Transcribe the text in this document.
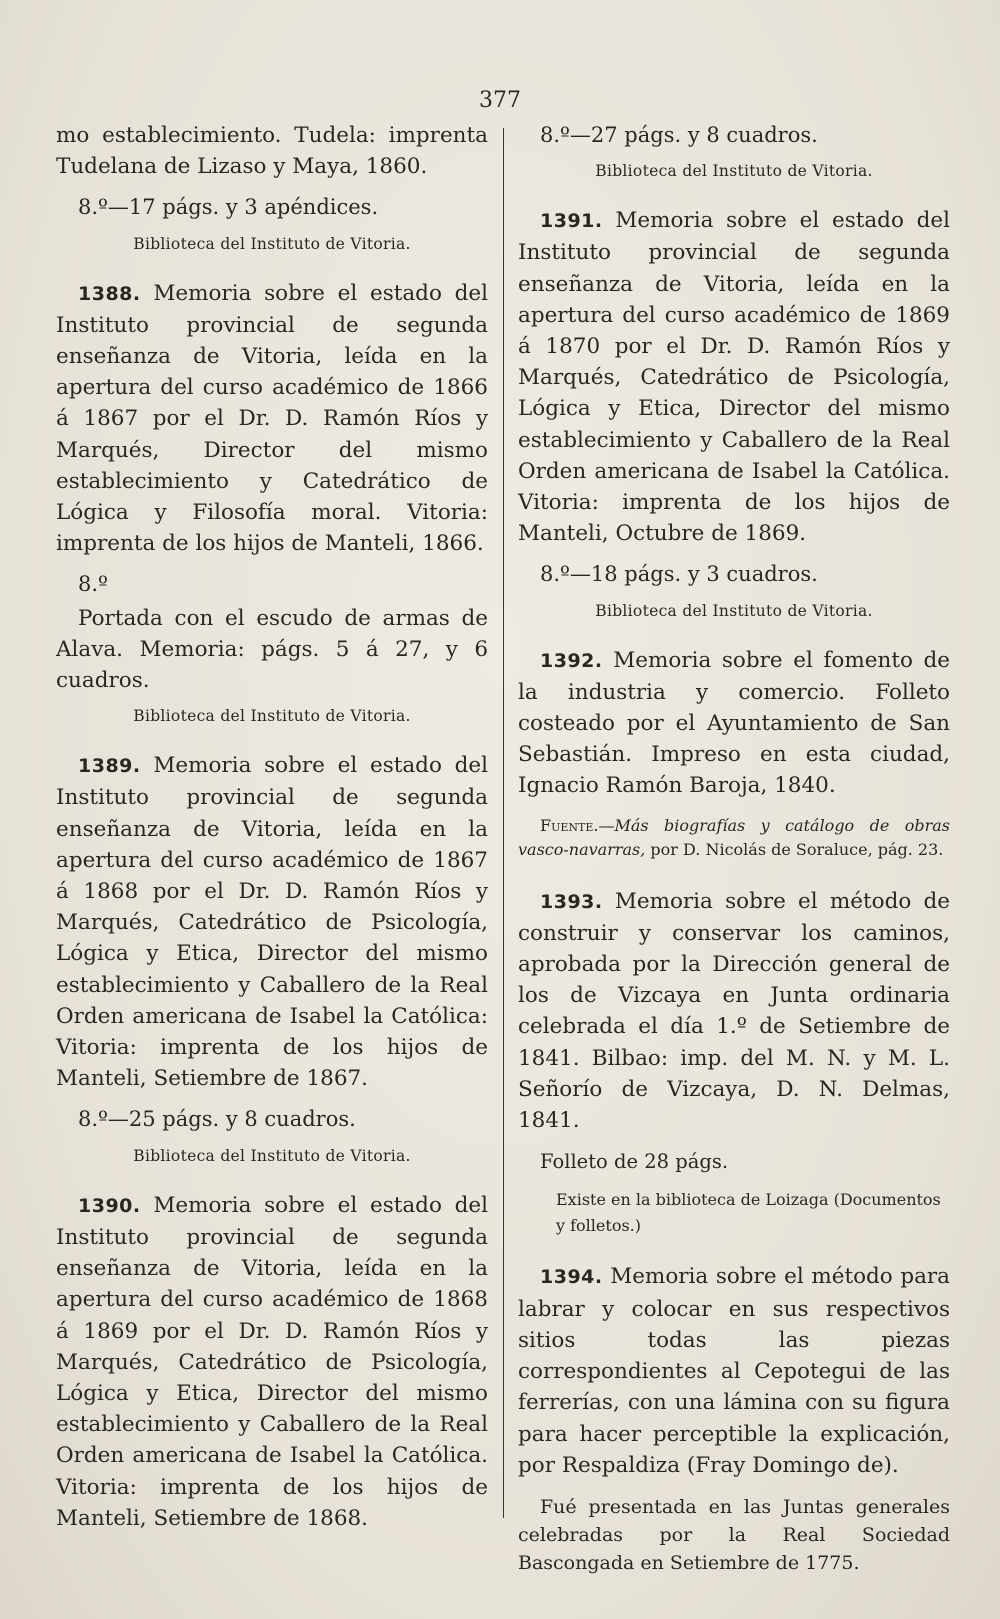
377

mo establecimiento. Tudela: imprenta Tudelana de Lizaso y Maya, 1860.

8.º—17 págs. y 3 apéndices.

Biblioteca del Instituto de Vitoria.

1388. Memoria sobre el estado del Instituto provincial de segunda enseñanza de Vitoria, leída en la apertura del curso académico de 1866 á 1867 por el Dr. D. Ramón Ríos y Marqués, Director del mismo establecimiento y Catedrático de Lógica y Filosofía moral. Vitoria: imprenta de los hijos de Manteli, 1866.

8.º

Portada con el escudo de armas de Alava. Memoria: págs. 5 á 27, y 6 cuadros.

Biblioteca del Instituto de Vitoria.

1389. Memoria sobre el estado del Instituto provincial de segunda enseñanza de Vitoria, leída en la apertura del curso académico de 1867 á 1868 por el Dr. D. Ramón Ríos y Marqués, Catedrático de Psicología, Lógica y Etica, Director del mismo establecimiento y Caballero de la Real Orden americana de Isabel la Católica: Vitoria: imprenta de los hijos de Manteli, Setiembre de 1867.

8.º—25 págs. y 8 cuadros.

Biblioteca del Instituto de Vitoria.

1390. Memoria sobre el estado del Instituto provincial de segunda enseñanza de Vitoria, leída en la apertura del curso académico de 1868 á 1869 por el Dr. D. Ramón Ríos y Marqués, Catedrático de Psicología, Lógica y Etica, Director del mismo establecimiento y Caballero de la Real Orden americana de Isabel la Católica. Vitoria: imprenta de los hijos de Manteli, Setiembre de 1868.

8.º—27 págs. y 8 cuadros.

Biblioteca del Instituto de Vitoria.

1391. Memoria sobre el estado del Instituto provincial de segunda enseñanza de Vitoria, leída en la apertura del curso académico de 1869 á 1870 por el Dr. D. Ramón Ríos y Marqués, Catedrático de Psicología, Lógica y Etica, Director del mismo establecimiento y Caballero de la Real Orden americana de Isabel la Católica. Vitoria: imprenta de los hijos de Manteli, Octubre de 1869.

8.º—18 págs. y 3 cuadros.

Biblioteca del Instituto de Vitoria.

1392. Memoria sobre el fomento de la industria y comercio. Folleto costeado por el Ayuntamiento de San Sebastián. Impreso en esta ciudad, Ignacio Ramón Baroja, 1840.

Fuente.—Más biografías y catálogo de obras vasco-navarras, por D. Nicolás de Soraluce, pág. 23.

1393. Memoria sobre el método de construir y conservar los caminos, aprobada por la Dirección general de los de Vizcaya en Junta ordinaria celebrada el día 1.º de Setiembre de 1841. Bilbao: imp. del M. N. y M. L. Señorío de Vizcaya, D. N. Delmas, 1841.

Folleto de 28 págs.

Existe en la biblioteca de Loizaga (Documentos y folletos.)

1394. Memoria sobre el método para labrar y colocar en sus respectivos sitios todas las piezas correspondientes al Cepotegui de las ferrerías, con una lámina con su figura para hacer perceptible la explicación, por Respaldiza (Fray Domingo de).

Fué presentada en las Juntas generales celebradas por la Real Sociedad Bascongada en Setiembre de 1775.
